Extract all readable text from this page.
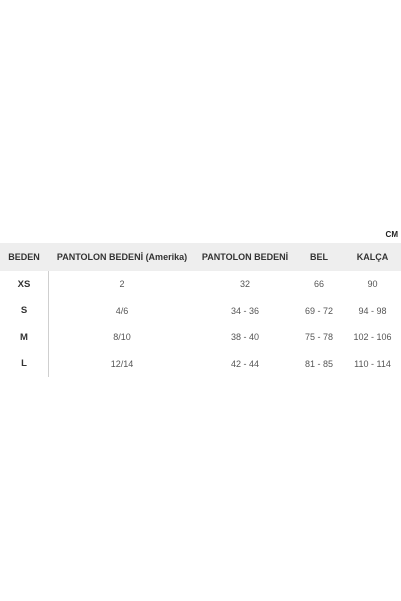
CM
BEDEN	PANTOLON BEDENİ (Amerika)	PANTOLON BEDENİ	BEL	KALÇA
XS	2	32	66	90
S	4/6	34 - 36	69 - 72	94 - 98
M	8/10	38 - 40	75 - 78	102 - 106
L	12/14	42 - 44	81 - 85	110 - 114
